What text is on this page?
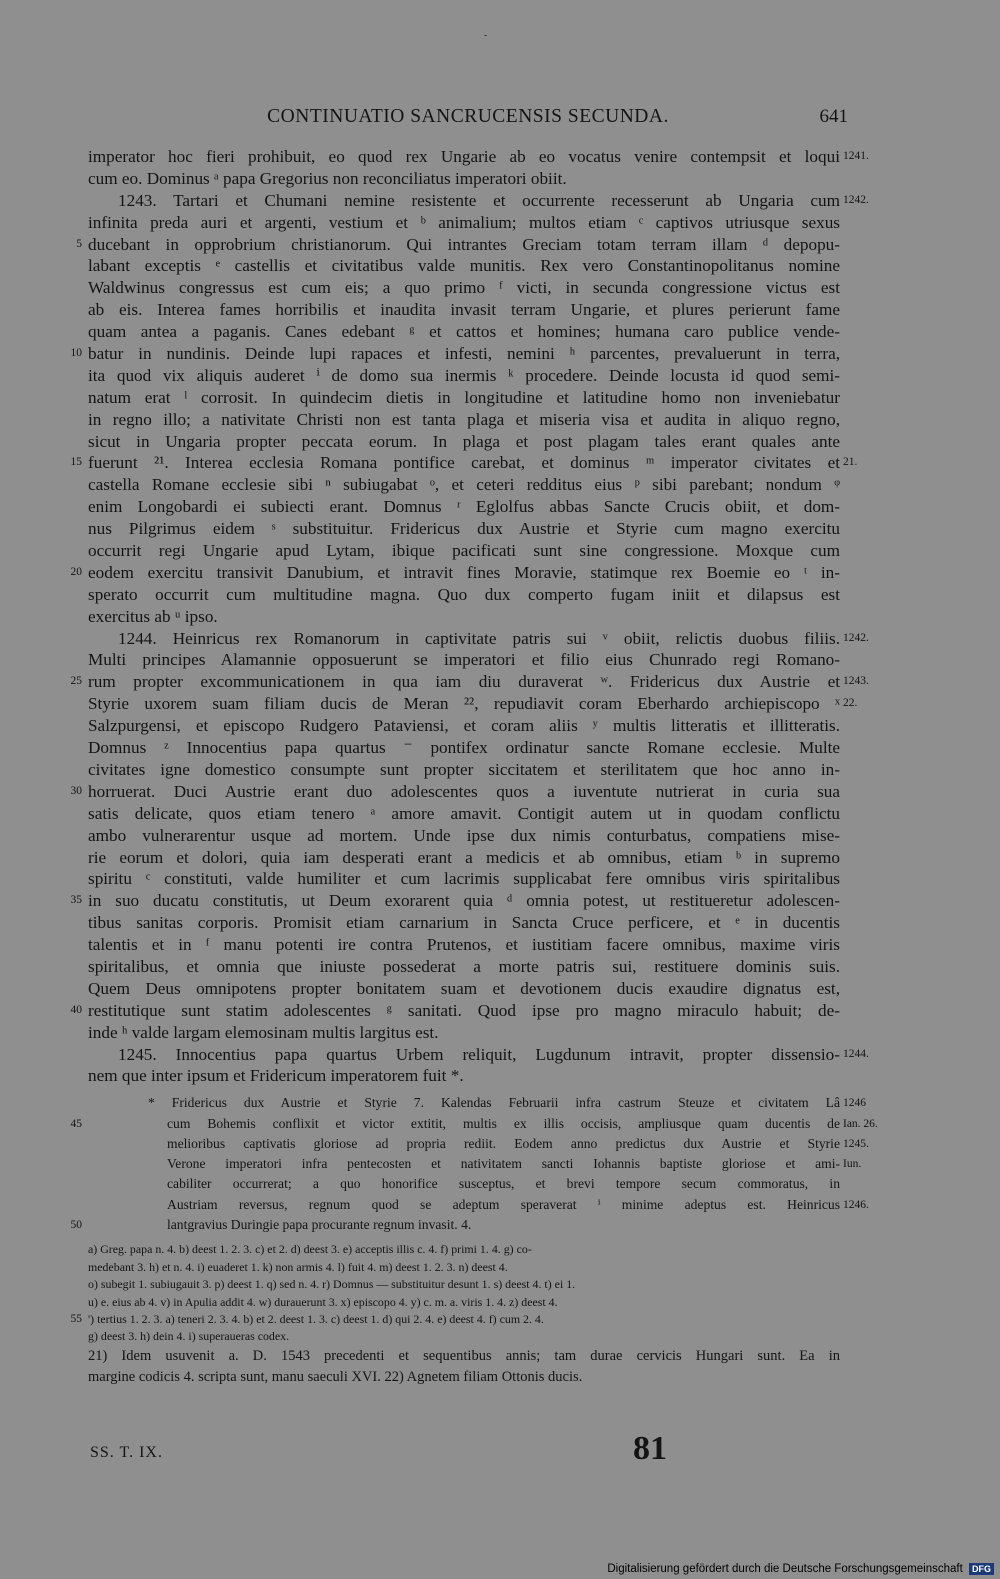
-
CONTINUATIO SANCRUCENSIS SECUNDA.	641
imperator hoc fieri prohibuit, eo quod rex Ungarie ab eo vocatus venire contempsit et loqui 1241.
cum eo. Dominus ᵃ papa Gregorius non reconciliatus imperatori obiit.
1243. Tartari et Chumani nemine resistente et occurrente recesserunt ab Ungaria cum 1242.
infinita preda auri et argenti, vestium et ᵇ animalium; multos etiam ᶜ captivos utriusque sexus
5 ducebant in opprobrium christianorum. Qui intrantes Greciam totam terram illam ᵈ depopu-
labant exceptis ᵉ castellis et civitatibus valde munitis. Rex vero Constantinopolitanus nomine
Waldwinus congressus est cum eis; a quo primo ᶠ victi, in secunda congressione victus est
ab eis. Interea fames horribilis et inaudita invasit terram Ungarie, et plures perierunt fame
quam antea a paganis. Canes edebant ᵍ et cattos et homines; humana caro publice vende-
10 batur in nundinis. Deinde lupi rapaces et infesti, nemini ʰ parcentes, prevaluerunt in terra,
ita quod vix aliquis auderet ⁱ de domo sua inermis ᵏ procedere. Deinde locusta id quod semi-
natum erat ˡ corrosit. In quindecim dietis in longitudine et latitudine homo non inveniebatur
in regno illo; a nativitate Christi non est tanta plaga et miseria visa et audita in aliquo regno,
sicut in Ungaria propter peccata eorum. In plaga et post plagam tales erant quales ante
15 fuerunt ²¹. Interea ecclesia Romana pontifice carebat, et dominus ᵐ imperator civitates et 21.
castella Romane ecclesie sibi ⁿ subiugabat ᵒ, et ceteri redditus eius ᵖ sibi parebant; nondum ᵠ
enim Longobardi ei subiecti erant. Domnus ʳ Eglolfus abbas Sancte Crucis obiit, et dom-
nus Pilgrimus eidem ˢ substituitur. Fridericus dux Austrie et Styrie cum magno exercitu
occurrit regi Ungarie apud Lytam, ibique pacificati sunt sine congressione. Moxque cum
20 eodem exercitu transivit Danubium, et intravit fines Moravie, statimque rex Boemie eo ᵗ in-
sperato occurrit cum multitudine magna. Quo dux comperto fugam iniit et dilapsus est
exercitus ab ᵘ ipso.
1244. Heinricus rex Romanorum in captivitate patris sui ᵛ obiit, relictis duobus filiis. 1242.
Multi principes Alamannie opposuerunt se imperatori et filio eius Chunrado regi Romano-
25 rum propter excommunicationem in qua iam diu duraverat ʷ. Fridericus dux Austrie et 1243.
Styrie uxorem suam filiam ducis de Meran ²², repudiavit coram Eberhardo archiepiscopo ˣ 22.
Salzpurgensi, et episcopo Rudgero Pataviensi, et coram aliis ʸ multis litteratis et illitteratis.
Domnus ᶻ Innocentius papa quartus ⁻ pontifex ordinatur sancte Romane ecclesie. Multe
civitates igne domestico consumpte sunt propter siccitatem et sterilitatem que hoc anno in-
30 horruerat. Duci Austrie erant duo adolescentes quos a iuventute nutrierat in curia sua
satis delicate, quos etiam tenero ᵃ amore amavit. Contigit autem ut in quodam conflictu
ambo vulnerarentur usque ad mortem. Unde ipse dux nimis conturbatus, compatiens mise-
rie eorum et dolori, quia iam desperati erant a medicis et ab omnibus, etiam ᵇ in supremo
spiritu ᶜ constituti, valde humiliter et cum lacrimis supplicabat fere omnibus viris spiritalibus
35 in suo ducatu constitutis, ut Deum exorarent quia ᵈ omnia potest, ut restitueretur adolescen-
tibus sanitas corporis. Promisit etiam carnarium in Sancta Cruce perficere, et ᵉ in ducentis
talentis et in ᶠ manu potenti ire contra Prutenos, et iustitiam facere omnibus, maxime viris
spiritalibus, et omnia que iniuste possederat a morte patris sui, restituere dominis suis.
Quem Deus omnipotens propter bonitatem suam et devotionem ducis exaudire dignatus est,
40 restitutique sunt statim adolescentes ᵍ sanitati. Quod ipse pro magno miraculo habuit; de-
inde ʰ valde largam elemosinam multis largitus est.
1245. Innocentius papa quartus Urbem reliquit, Lugdunum intravit, propter dissensio- 1244.
nem que inter ipsum et Fridericum imperatorem fuit *.
* Fridericus dux Austrie et Styrie 7. Kalendas Februarii infra castrum Steuze et civitatem Lâ 1246
45	cum Bohemis conflixit et victor extitit, multis ex illis occisis, ampliusque quam ducentis de Ian. 26.
melioribus captivatis gloriose ad propria rediit. Eodem anno predictus dux Austrie et Styrie 1245.
Verone imperatori infra pentecosten et nativitatem sancti Iohannis baptiste gloriose et ami- Iun.
cabiliter occurrerat; a quo honorifice susceptus, et brevi tempore secum commoratus, in
Austriam reversus, regnum quod se adeptum speraverat ⁱ minime adeptus est. Heinricus 1246.
50	lantgravius Duringie papa procurante regnum invasit. 4.
a) Greg. papa n. 4. b) deest 1. 2. 3. c) et 2. d) deest 3. e) acceptis illis c. 4. f) primi 1. 4. g) co-
medebant 3. h) et n. 4. i) euaderet 1. k) non armis 4. l) fuit 4. m) deest 1. 2. 3. n) deest 4.
o) subegit 1. subiugauit 3. p) deest 1. q) sed n. 4. r) Domnus — substituitur desunt 1. s) deest 4. t) ei 1.
u) e. eius ab 4. v) in Apulia addit 4. w) durauerunt 3. x) episcopo 4. y) c. m. a. viris 1. 4. z) deest 4.
55 ') tertius 1. 2. 3. a) teneri 2. 3. 4. b) et 2. deest 1. 3. c) deest 1. d) qui 2. 4. e) deest 4. f) cum 2. 4.
g) deest 3. h) dein 4. i) superaueras codex.
21) Idem usuvenit a. D. 1543 precedenti et sequentibus annis; tam durae cervicis Hungari sunt. Ea in
margine codicis 4. scripta sunt, manu saeculi XVI. 22) Agnetem filiam Ottonis ducis.
SS. T. IX.	81
Digitalisierung gefördert durch die Deutsche Forschungsgemeinschaft DFG
